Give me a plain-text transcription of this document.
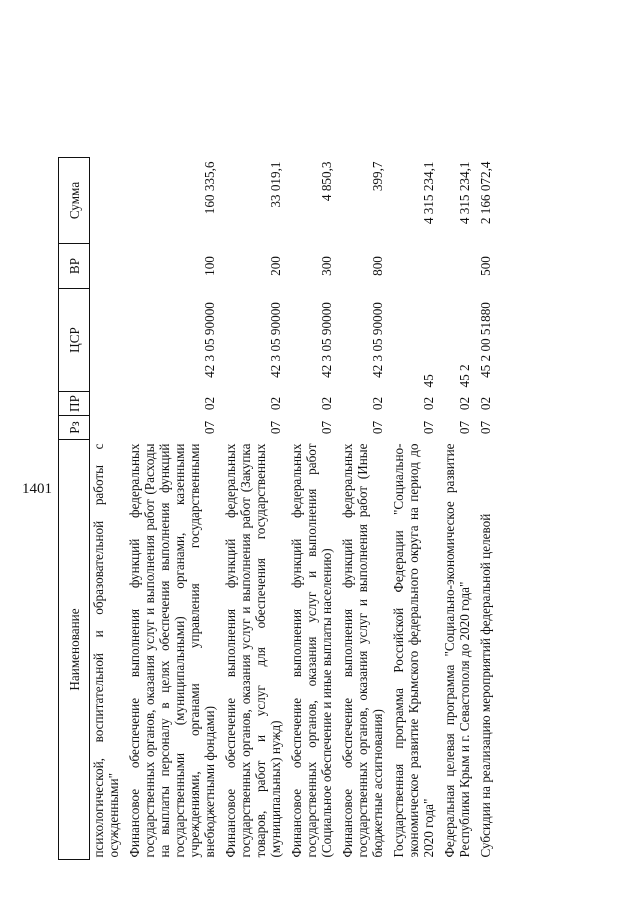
1401
Наименование	Рз	ПР	ЦСР	ВР	Сумма
психологической, воспитательной и образовательной работы с осужденными"					
Финансовое обеспечение выполнения функций федеральных государственных органов, оказания услуг и выполнения работ (Расходы на выплаты персоналу в целях обеспечения выполнения функций государственными (муниципальными) органами, казенными учреждениями, органами управления государственными внебюджетными фондами)	07	02	42 3 05 90000	100	160 335,6
Финансовое обеспечение выполнения функций федеральных государственных органов, оказания услуг и выполнения работ (Закупка товаров, работ и услуг для обеспечения государственных (муниципальных) нужд)	07	02	42 3 05 90000	200	33 019,1
Финансовое обеспечение выполнения функций федеральных государственных органов, оказания услуг и выполнения работ (Социальное обеспечение и иные выплаты населению)	07	02	42 3 05 90000	300	4 850,3
Финансовое обеспечение выполнения функций федеральных государственных органов, оказания услуг и выполнения работ (Иные бюджетные ассигнования)	07	02	42 3 05 90000	800	399,7
Государственная программа Российской Федерации "Социально-экономическое развитие Крымского федерального округа на период до 2020 года"	07	02	45		4 315 234,1
Федеральная целевая программа "Социально-экономическое развитие Республики Крым и г. Севастополя до 2020 года"	07	02	45 2		4 315 234,1
Субсидии на реализацию мероприятий федеральной целевой	07	02	45 2 00 51880	500	2 166 072,4
